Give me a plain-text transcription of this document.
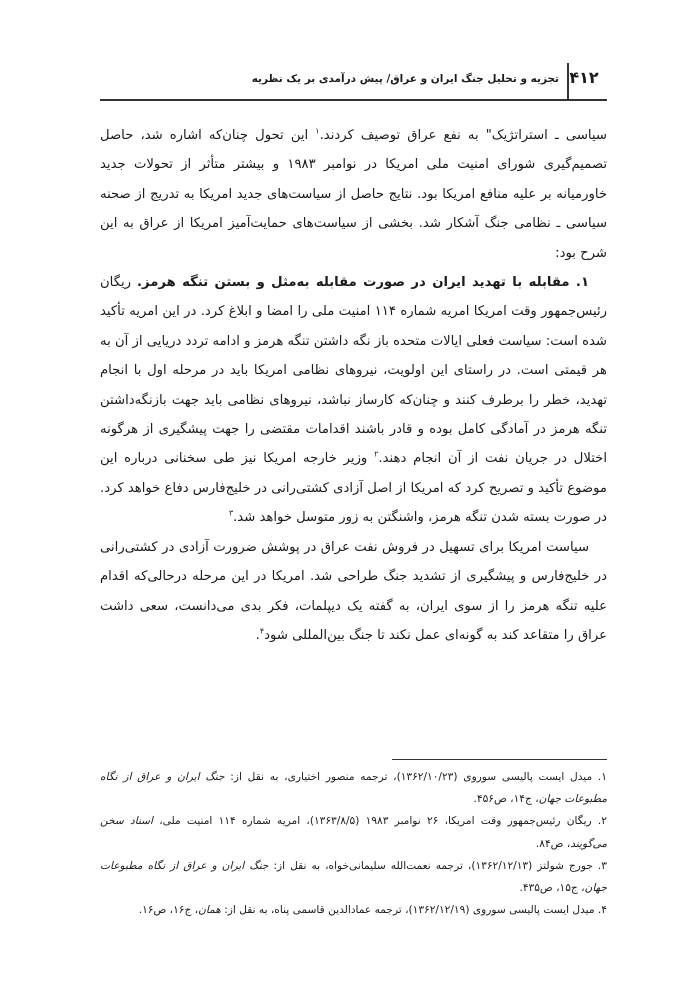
۴۱۲
تجزیه و تحلیل جنگ ایران و عراق/ پیش درآمدی بر یک نظریه

سیاسی ـ استراتژیک" به نفع عراق توصیف کردند.$^۱$ این تحول چنان‌که اشاره شد، حاصل تصمیم‌گیری شورای امنیت ملی امریکا در نوامبر ۱۹۸۳ و بیشتر متأثر از تحولات جدید خاورمیانه بر علیه منافع امریکا بود. نتایج حاصل از سیاست‌های جدید امریکا به تدریج از صحنه سیاسی ـ نظامی جنگ آشکار شد. بخشی از سیاست‌های حمایت‌آمیز امریکا از عراق به این شرح بود:

۱. مقابله با تهدید ایران در صورت مقابله به‌مثل و بستن تنگه هرمز. ریگان رئیس‌جمهور وقت امریکا امریه شماره ۱۱۴ امنیت ملی را امضا و ابلاغ کرد. در این امریه تأکید شده است: سیاست فعلی ایالات متحده باز نگه داشتن تنگه هرمز و ادامه تردد دریایی از آن به هر قیمتی است. در راستای این اولویت، نیروهای نظامی امریکا باید در مرحله اول با انجام تهدید، خطر را برطرف کنند و چنان‌که کارساز نباشد، نیروهای نظامی باید جهت بازنگه‌داشتن تنگه هرمز در آمادگی کامل بوده و قادر باشند اقدامات مقتضی را جهت پیشگیری از هرگونه اختلال در جریان نفت از آن انجام دهند.$^۲$ وزیر خارجه امریکا نیز طی سخنانی درباره این موضوع تأکید و تصریح کرد که امریکا از اصل آزادی کشتی‌رانی در خلیج‌فارس دفاع خواهد کرد. در صورت بسته شدن تنگه هرمز، واشنگتن به زور متوسل خواهد شد.$^۳$

سیاست امریکا برای تسهیل در فروش نفت عراق در پوشش ضرورت آزادی در کشتی‌رانی در خلیج‌فارس و پیشگیری از تشدید جنگ طراحی شد. امریکا در این مرحله درحالی‌که اقدام علیه تنگه هرمز را از سوی ایران، به گفته یک دیپلمات، فکر بدی می‌دانست، سعی داشت عراق را متقاعد کند به گونه‌ای عمل نکند تا جنگ بین‌المللی شود$^۴$.

۱. میدل ایست پالیسی سوروی (۱۳۶۲/۱۰/۲۳)، ترجمه منصور اختیاری، به نقل از: جنگ ایران و عراق از نگاه مطبوعات جهان، ج۱۴، ص۴۵۶.

۲. ریگان رئیس‌جمهور وقت امریکا، ۲۶ نوامبر ۱۹۸۳ (۱۳۶۳/۸/۵)، امریه شماره ۱۱۴ امنیت ملی، اسناد سخن می‌گویند، ص۸۴.

۳. جورج شولتز (۱۳۶۲/۱۲/۱۳)، ترجمه نعمت‌الله سلیمانی‌خواه، به نقل از: جنگ ایران و عراق از نگاه مطبوعات جهان، ج۱۵، ص۴۳۵.

۴. میدل ایست پالیسی سوروی (۱۳۶۲/۱۲/۱۹)، ترجمه عمادالدین قاسمی پناه، به نقل از: همان، ج۱۶، ص۱۶.
